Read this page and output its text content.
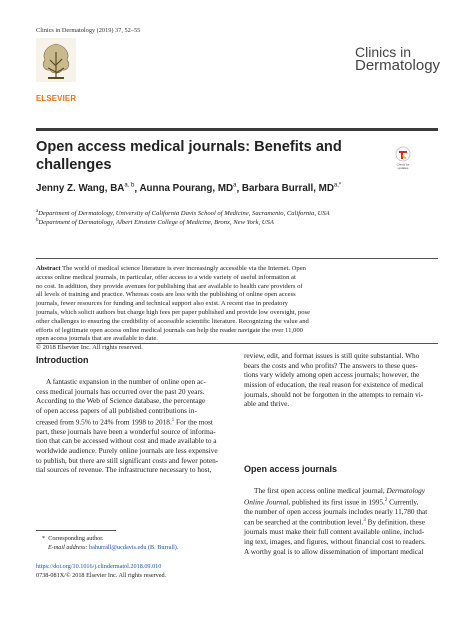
Clinics in Dermatology (2019) 37, 52–55
ELSEVIER
Clinics in
Dermatology
Open access medical journals: Benefits and
challenges	Check for
updates
Jenny Z. Wang, BA$^{a, b}$, Aunna Pourang, $MD^a$, Barbara Burrall, $MD^{a,*}$
$^a$Department of Dermatology, University of California Davis School of Medicine, Sacramento, California, USA
$^b$Department of Dermatology, Albert Einstein College of Medicine, Bronx, New York, USA
Abstract The world of medical science literature is ever increasingly accessible via the Internet. Open
access online medical journals, in particular, offer access to a wide variety of useful information at
no cost. In addition, they provide avenues for publishing that are available to health care providers of
all levels of training and practice. Whereas costs are less with the publishing of online open access
journals, fewer resources for funding and technical support also exist. A recent rise in predatory
journals, which solicit authors but charge high fees per paper published and provide low oversight, pose
other challenges to ensuring the credibility of accessible scientific literature. Recognizing the value and
efforts of legitimate open access online medical journals can help the reader navigate the over 11,000
open access journals that are available to date.
© 2018 Elsevier Inc. All rights reserved.
Introduction
A fantastic expansion in the number of online open ac-
cess medical journals has occurred over the past 20 years.
According to the Web of Science database, the percentage
of open access papers of all published contributions in-
creased from 9.5% to 24% from 1998 to 2018.$^1$ For the most
part, these journals have been a wonderful source of informa-
tion that can be accessed without cost and made available to a
worldwide audience. Purely online journals are less expensive
to publish, but there are still significant costs and fewer poten-
tial sources of revenue. The infrastructure necessary to host,
review, edit, and format issues is still quite substantial. Who
bears the costs and who profits? The answers to these ques-
tions vary widely among open access journals; however, the
mission of education, the real reason for existence of medical
journals, should not be forgotten in the attempts to remain vi-
able and thrive.
Open access journals
The first open access online medical journal, Dermatology
Online Journal, published its first issue in 1995.$^2$ Currently,
the number of open access journals includes nearly 11,780 that
can be searched at the contribution level.$^3$ By definition, these
journals must make their full content available online, includ-
ing text, images, and figures, without financial cost to readers.
A worthy goal is to allow dissemination of important medical
* Corresponding author.
E-mail address: bahurrall@ucdavis.edu (B. Burrall).
https://doi.org/10.1016/j.clindermatol.2018.09.010
0738-081X/© 2018 Elsevier Inc. All rights reserved.
